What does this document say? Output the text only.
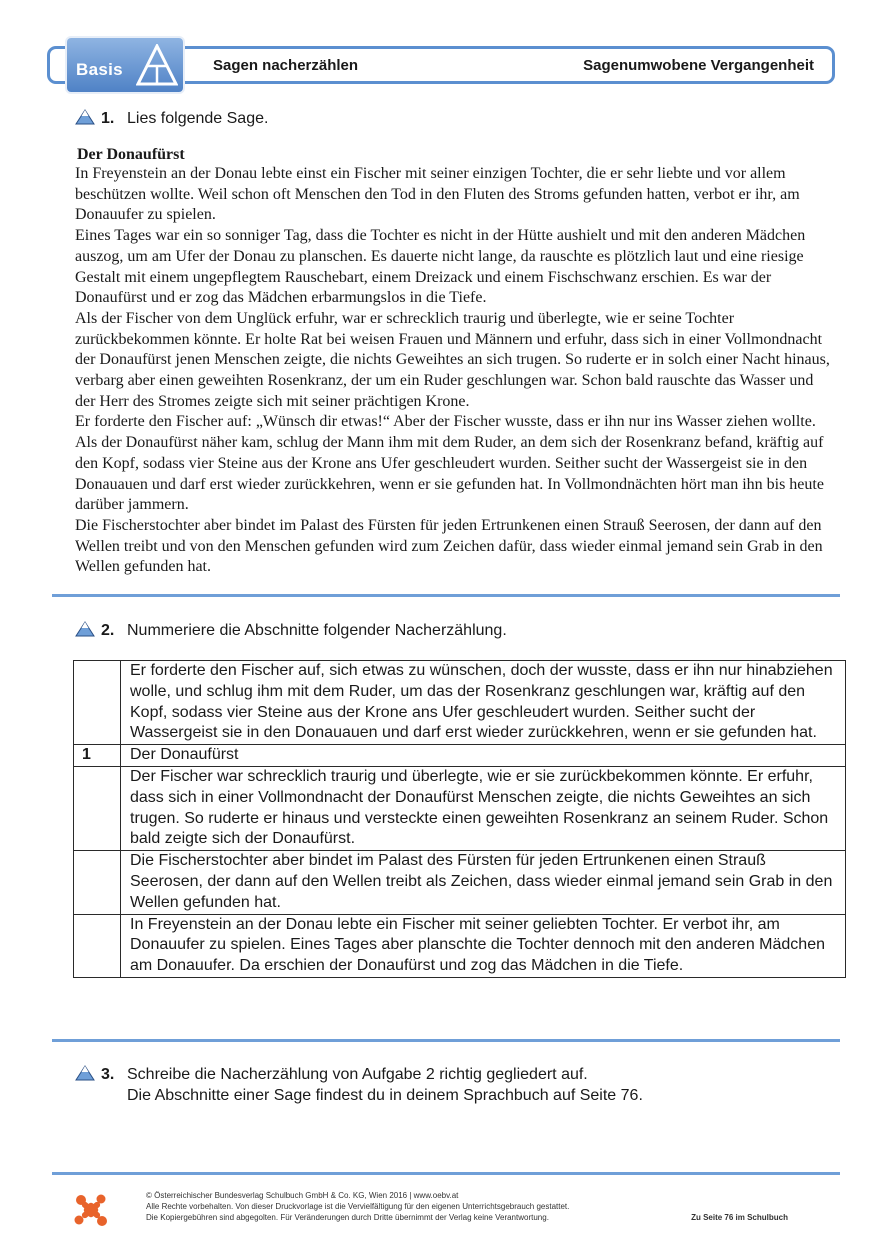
Basis	Sagen nacherzählen	Sagenumwobene Vergangenheit
1. Lies folgende Sage.
Der Donaufürst

In Freyenstein an der Donau lebte einst ein Fischer mit seiner einzigen Tochter, die er sehr liebte und vor allem beschützen wollte. Weil schon oft Menschen den Tod in den Fluten des Stroms gefunden hatten, verbot er ihr, am Donauufer zu spielen.

Eines Tages war ein so sonniger Tag, dass die Tochter es nicht in der Hütte aushielt und mit den anderen Mädchen auszog, um am Ufer der Donau zu planschen. Es dauerte nicht lange, da rauschte es plötzlich laut und eine riesige Gestalt mit einem ungepflegtem Rauschebart, einem Dreizack und einem Fischschwanz erschien. Es war der Donaufürst und er zog das Mädchen erbarmungslos in die Tiefe.

Als der Fischer von dem Unglück erfuhr, war er schrecklich traurig und überlegte, wie er seine Tochter zurückbekommen könnte. Er holte Rat bei weisen Frauen und Männern und erfuhr, dass sich in einer Vollmondnacht der Donaufürst jenen Menschen zeigte, die nichts Geweihtes an sich trugen. So ruderte er in solch einer Nacht hinaus, verbarg aber einen geweihten Rosenkranz, der um ein Ruder geschlungen war. Schon bald rauschte das Wasser und der Herr des Stromes zeigte sich mit seiner prächtigen Krone.

Er forderte den Fischer auf: „Wünsch dir etwas!“ Aber der Fischer wusste, dass er ihn nur ins Wasser ziehen wollte. Als der Donaufürst näher kam, schlug der Mann ihm mit dem Ruder, an dem sich der Rosenkranz befand, kräftig auf den Kopf, sodass vier Steine aus der Krone ans Ufer geschleudert wurden. Seither sucht der Wassergeist sie in den Donauauen und darf erst wieder zurückkehren, wenn er sie gefunden hat. In Vollmondnächten hört man ihn bis heute darüber jammern.

Die Fischerstochter aber bindet im Palast des Fürsten für jeden Ertrunkenen einen Strauß Seerosen, der dann auf den Wellen treibt und von den Menschen gefunden wird zum Zeichen dafür, dass wieder einmal jemand sein Grab in den Wellen gefunden hat.

2. Nummeriere die Abschnitte folgender Nacherzählung.
	Er forderte den Fischer auf, sich etwas zu wünschen, doch der wusste, dass er ihn nur hinabziehen wolle, und schlug ihm mit dem Ruder, um das der Rosenkranz geschlungen war, kräftig auf den Kopf, sodass vier Steine aus der Krone ans Ufer geschleudert wurden. Seither sucht der Wassergeist sie in den Donauauen und darf erst wieder zurückkehren, wenn er sie gefunden hat.
1	Der Donaufürst
	Der Fischer war schrecklich traurig und überlegte, wie er sie zurückbekommen könnte. Er erfuhr, dass sich in einer Vollmondnacht der Donaufürst Menschen zeigte, die nichts Geweihtes an sich trugen. So ruderte er hinaus und versteckte einen geweihten Rosenkranz an seinem Ruder. Schon bald zeigte sich der Donaufürst.
	Die Fischerstochter aber bindet im Palast des Fürsten für jeden Ertrunkenen einen Strauß Seerosen, der dann auf den Wellen treibt als Zeichen, dass wieder einmal jemand sein Grab in den Wellen gefunden hat.
	In Freyenstein an der Donau lebte ein Fischer mit seiner geliebten Tochter. Er verbot ihr, am Donauufer zu spielen. Eines Tages aber planschte die Tochter dennoch mit den anderen Mädchen am Donauufer. Da erschien der Donaufürst und zog das Mädchen in die Tiefe.
3. Schreibe die Nacherzählung von Aufgabe 2 richtig gegliedert auf.
Die Abschnitte einer Sage findest du in deinem Sprachbuch auf Seite 76.
© Österreichischer Bundesverlag Schulbuch GmbH & Co. KG, Wien 2016 | www.oebv.at
Alle Rechte vorbehalten. Von dieser Druckvorlage ist die Vervielfältigung für den eigenen Unterrichtsgebrauch gestattet.
Die Kopiergebühren sind abgegolten. Für Veränderungen durch Dritte übernimmt der Verlag keine Verantwortung.	Zu Seite 76 im Schulbuch
